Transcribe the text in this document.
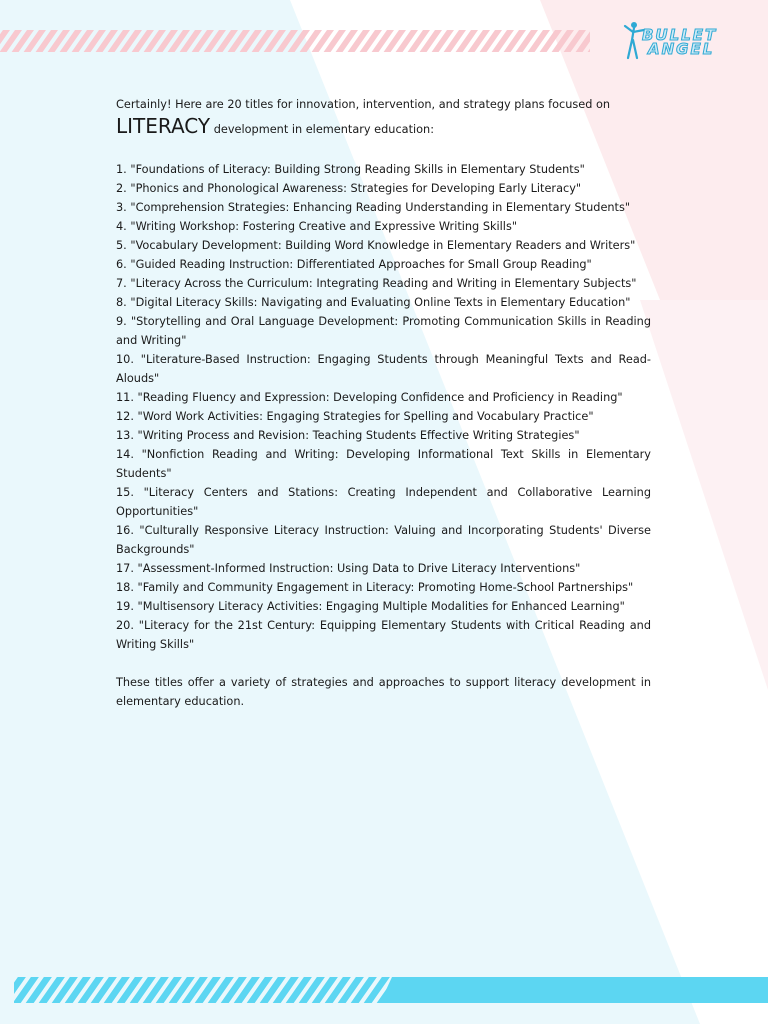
BULLET
ANGEL
Certainly! Here are 20 titles for innovation, intervention, and strategy plans focused on
LITERACY development in elementary education:
1. "Foundations of Literacy: Building Strong Reading Skills in Elementary Students"
2. "Phonics and Phonological Awareness: Strategies for Developing Early Literacy"
3. "Comprehension Strategies: Enhancing Reading Understanding in Elementary Students"
4. "Writing Workshop: Fostering Creative and Expressive Writing Skills"
5. "Vocabulary Development: Building Word Knowledge in Elementary Readers and Writers"
6. "Guided Reading Instruction: Differentiated Approaches for Small Group Reading"
7. "Literacy Across the Curriculum: Integrating Reading and Writing in Elementary Subjects"
8. "Digital Literacy Skills: Navigating and Evaluating Online Texts in Elementary Education"
9. "Storytelling and Oral Language Development: Promoting Communication Skills in Reading and Writing"
10. "Literature-Based Instruction: Engaging Students through Meaningful Texts and Read-Alouds"
11. "Reading Fluency and Expression: Developing Confidence and Proficiency in Reading"
12. "Word Work Activities: Engaging Strategies for Spelling and Vocabulary Practice"
13. "Writing Process and Revision: Teaching Students Effective Writing Strategies"
14. "Nonfiction Reading and Writing: Developing Informational Text Skills in Elementary Students"
15. "Literacy Centers and Stations: Creating Independent and Collaborative Learning Opportunities"
16. "Culturally Responsive Literacy Instruction: Valuing and Incorporating Students' Diverse Backgrounds"
17. "Assessment-Informed Instruction: Using Data to Drive Literacy Interventions"
18. "Family and Community Engagement in Literacy: Promoting Home-School Partnerships"
19. "Multisensory Literacy Activities: Engaging Multiple Modalities for Enhanced Learning"
20. "Literacy for the 21st Century: Equipping Elementary Students with Critical Reading and Writing Skills"
These titles offer a variety of strategies and approaches to support literacy development in elementary education.
